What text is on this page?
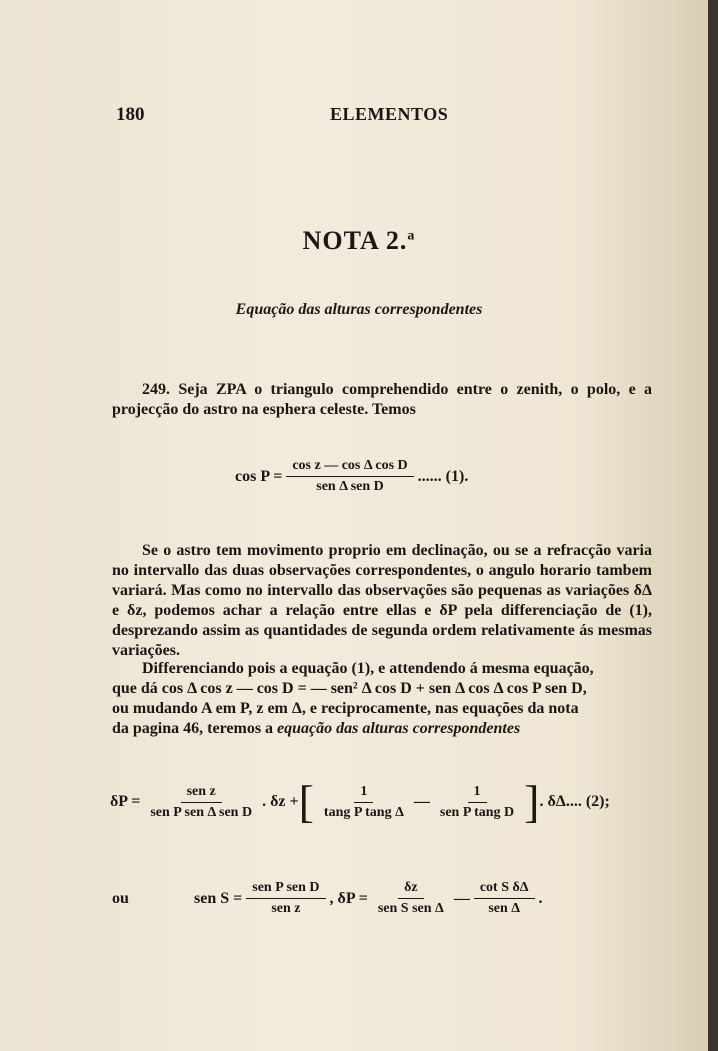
180	ELEMENTOS
NOTA 2.$^a$
Equação das alturas correspondentes
249. Seja ZPA o triangulo comprehendido entre o zenith, o polo, e a projecção do astro na esphera celeste. Temos
$\cos P = \frac{\text{cos z — cos Δ cos D}}{\text{sen Δ sen D}}$ ...... (1).
Se o astro tem movimento proprio em declinação, ou se a refracção varia no intervallo das duas observações correspondentes, o angulo horario tambem variará. Mas como no intervallo das observações são pequenas as variações δΔ e δz, podemos achar a relação entre ellas e δP pela differenciação de (1), desprezando assim as quantidades de segunda ordem relativamente ás mesmas variações.
Differenciando pois a equação (1), e attendendo á mesma equação,
que dá cos Δ cos z — cos D = — sen² Δ cos D + sen Δ cos Δ cos P sen D,
ou mudando A em P, z em Δ, e reciprocamente, nas equações da nota
da pagina 46, teremos a equação das alturas correspondentes
$\delta P = \frac{\text{sen z}}{\text{sen P sen Δ sen D}}$ . δz + [ $\frac{1}{\text{tang P tang Δ}}$ — $\frac{1}{\text{sen P tang D}}$ ] . δΔ.... (2);
ou	sen $S = \frac{\text{sen P sen D}}{\text{sen z}}$ , $\delta P = \frac{\delta z}{\text{sen S sen Δ}}$ — $\frac{\text{cot S δΔ}}{\text{sen Δ}}$ .
